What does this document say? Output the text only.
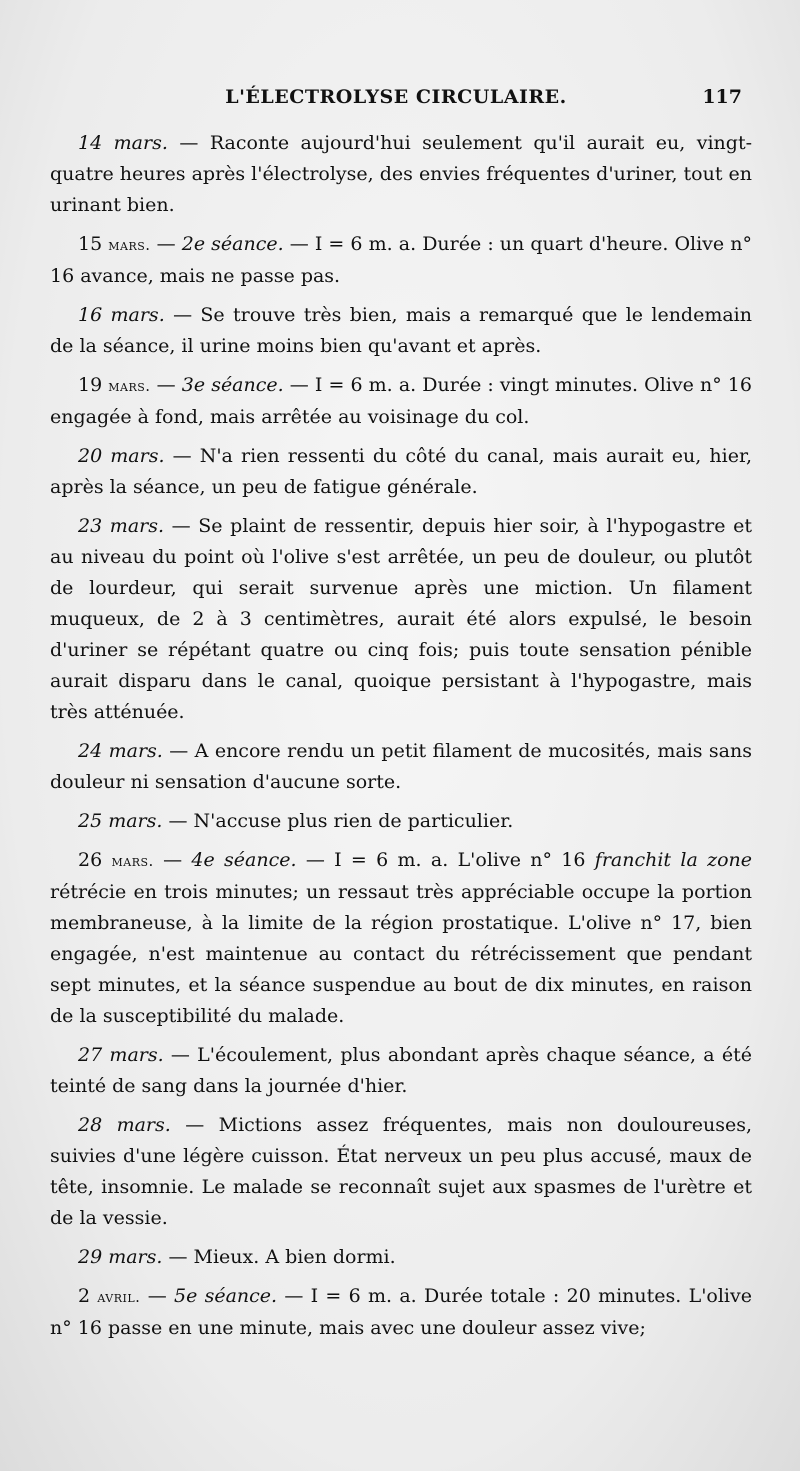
L'ÉLECTROLYSE CIRCULAIRE.	117

14 mars. — Raconte aujourd'hui seulement qu'il aurait eu, vingt-quatre heures après l'électrolyse, des envies fréquentes d'uriner, tout en urinant bien.

15 mars. — 2e séance. — I = 6 m. a. Durée : un quart d'heure. Olive n° 16 avance, mais ne passe pas.

16 mars. — Se trouve très bien, mais a remarqué que le lendemain de la séance, il urine moins bien qu'avant et après.

19 mars. — 3e séance. — I = 6 m. a. Durée : vingt minutes. Olive n° 16 engagée à fond, mais arrêtée au voisinage du col.

20 mars. — N'a rien ressenti du côté du canal, mais aurait eu, hier, après la séance, un peu de fatigue générale.

23 mars. — Se plaint de ressentir, depuis hier soir, à l'hypogastre et au niveau du point où l'olive s'est arrêtée, un peu de douleur, ou plutôt de lourdeur, qui serait survenue après une miction. Un filament muqueux, de 2 à 3 centimètres, aurait été alors expulsé, le besoin d'uriner se répétant quatre ou cinq fois; puis toute sensation pénible aurait disparu dans le canal, quoique persistant à l'hypogastre, mais très atténuée.

24 mars. — A encore rendu un petit filament de mucosités, mais sans douleur ni sensation d'aucune sorte.

25 mars. — N'accuse plus rien de particulier.

26 mars. — 4e séance. — I = 6 m. a. L'olive n° 16 franchit la zone rétrécie en trois minutes; un ressaut très appréciable occupe la portion membraneuse, à la limite de la région prostatique. L'olive n° 17, bien engagée, n'est maintenue au contact du rétrécissement que pendant sept minutes, et la séance suspendue au bout de dix minutes, en raison de la susceptibilité du malade.

27 mars. — L'écoulement, plus abondant après chaque séance, a été teinté de sang dans la journée d'hier.

28 mars. — Mictions assez fréquentes, mais non douloureuses, suivies d'une légère cuisson. État nerveux un peu plus accusé, maux de tête, insomnie. Le malade se reconnaît sujet aux spasmes de l'urètre et de la vessie.

29 mars. — Mieux. A bien dormi.

2 avril. — 5e séance. — I = 6 m. a. Durée totale : 20 minutes. L'olive n° 16 passe en une minute, mais avec une douleur assez vive;
